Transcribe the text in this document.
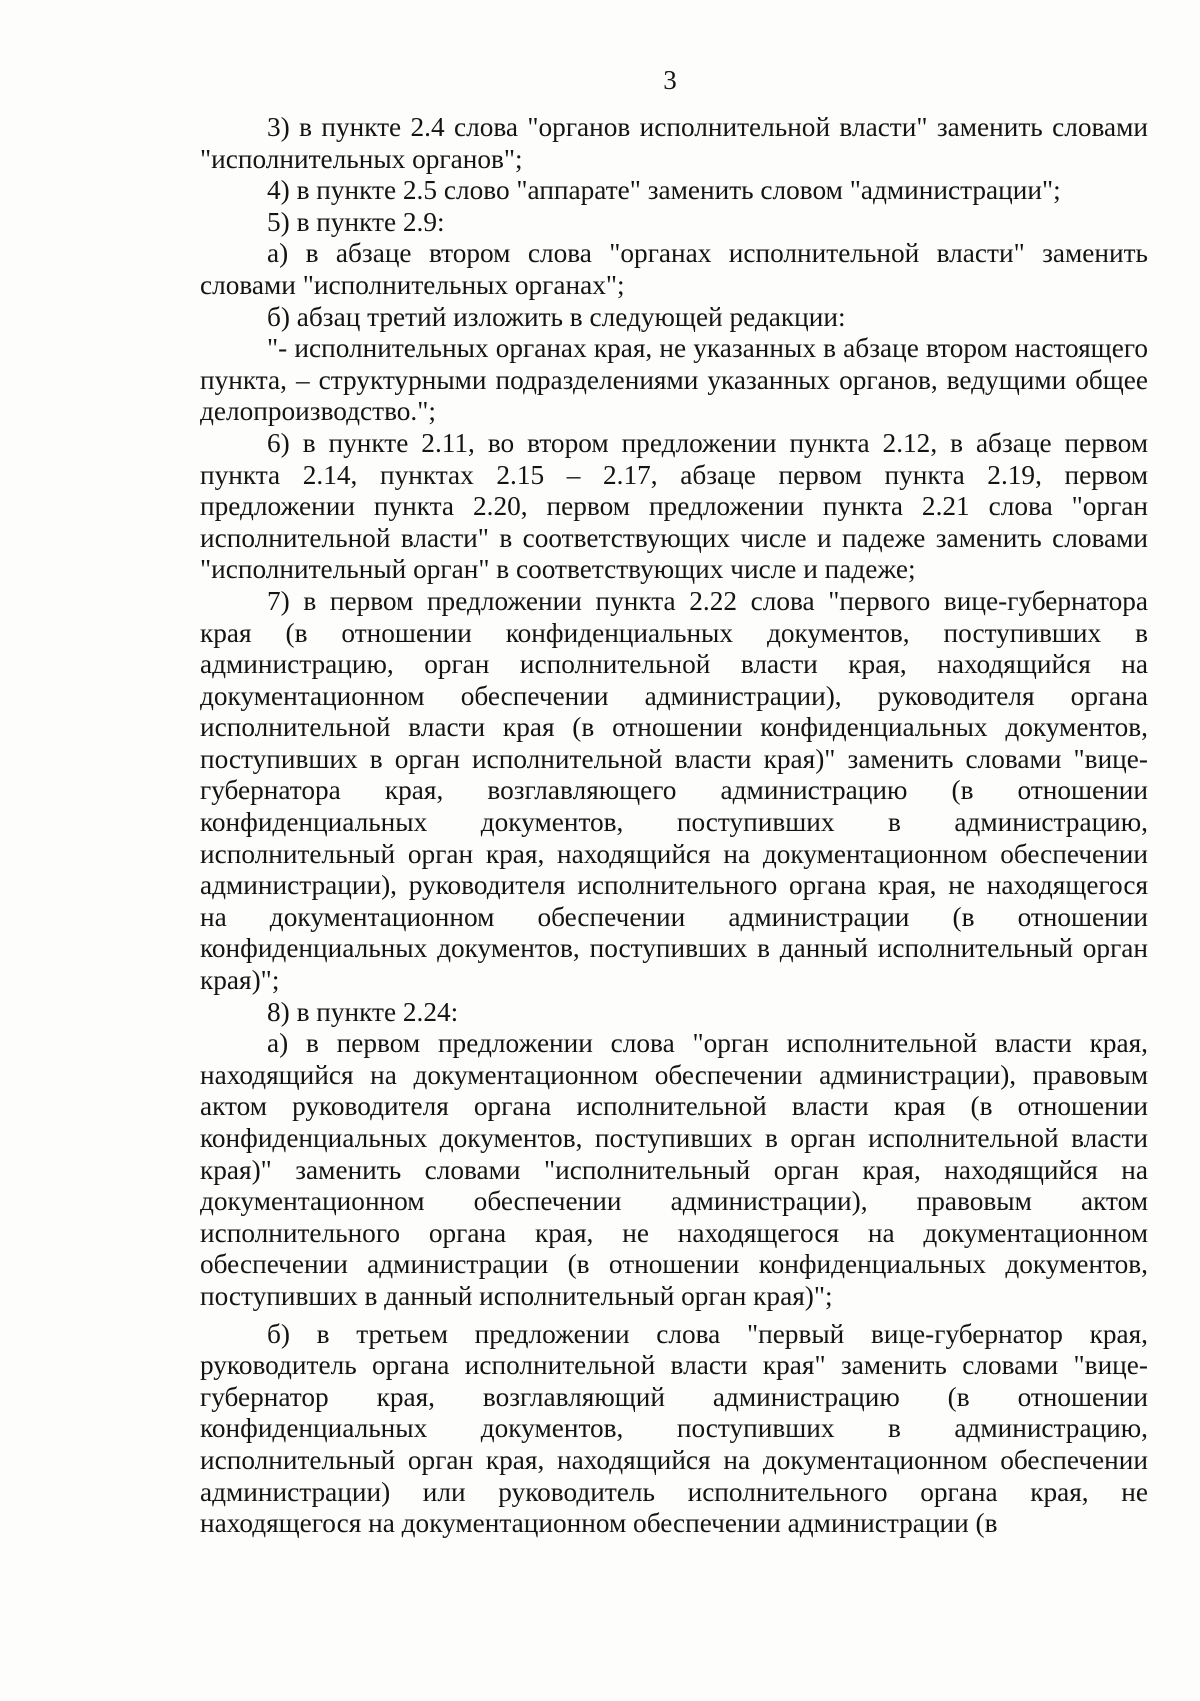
3

3) в пункте 2.4 слова "органов исполнительной власти" заменить словами "исполнительных органов";

4) в пункте 2.5 слово "аппарате" заменить словом "администрации";

5) в пункте 2.9:

а) в абзаце втором слова "органах исполнительной власти" заменить словами "исполнительных органах";

б) абзац третий изложить в следующей редакции:

"- исполнительных органах края, не указанных в абзаце втором настоящего пункта, – структурными подразделениями указанных органов, ведущими общее делопроизводство.";

6) в пункте 2.11, во втором предложении пункта 2.12, в абзаце первом пункта 2.14, пунктах 2.15 – 2.17, абзаце первом пункта 2.19, первом предложении пункта 2.20, первом предложении пункта 2.21 слова "орган исполнительной власти" в соответствующих числе и падеже заменить словами "исполнительный орган" в соответствующих числе и падеже;

7) в первом предложении пункта 2.22 слова "первого вице-губернатора края (в отношении конфиденциальных документов, поступивших в администрацию, орган исполнительной власти края, находящийся на документационном обеспечении администрации), руководителя органа исполнительной власти края (в отношении конфиденциальных документов, поступивших в орган исполнительной власти края)" заменить словами "вице-губернатора края, возглавляющего администрацию (в отношении конфиденциальных документов, поступивших в администрацию, исполнительный орган края, находящийся на документационном обеспечении администрации), руководителя исполнительного органа края, не находящегося на документационном обеспечении администрации (в отношении конфиденциальных документов, поступивших в данный исполнительный орган края)";

8) в пункте 2.24:

а) в первом предложении слова "орган исполнительной власти края, находящийся на документационном обеспечении администрации), правовым актом руководителя органа исполнительной власти края (в отношении конфиденциальных документов, поступивших в орган исполнительной власти края)" заменить словами "исполнительный орган края, находящийся на документационном обеспечении администрации), правовым актом исполнительного органа края, не находящегося на документационном обеспечении администрации (в отношении конфиденциальных документов, поступивших в данный исполнительный орган края)";

б) в третьем предложении слова "первый вице-губернатор края, руководитель органа исполнительной власти края" заменить словами "вице-губернатор края, возглавляющий администрацию (в отношении конфиденциальных документов, поступивших в администрацию, исполнительный орган края, находящийся на документационном обеспечении администрации) или руководитель исполнительного органа края, не находящегося на документационном обеспечении администрации (в
